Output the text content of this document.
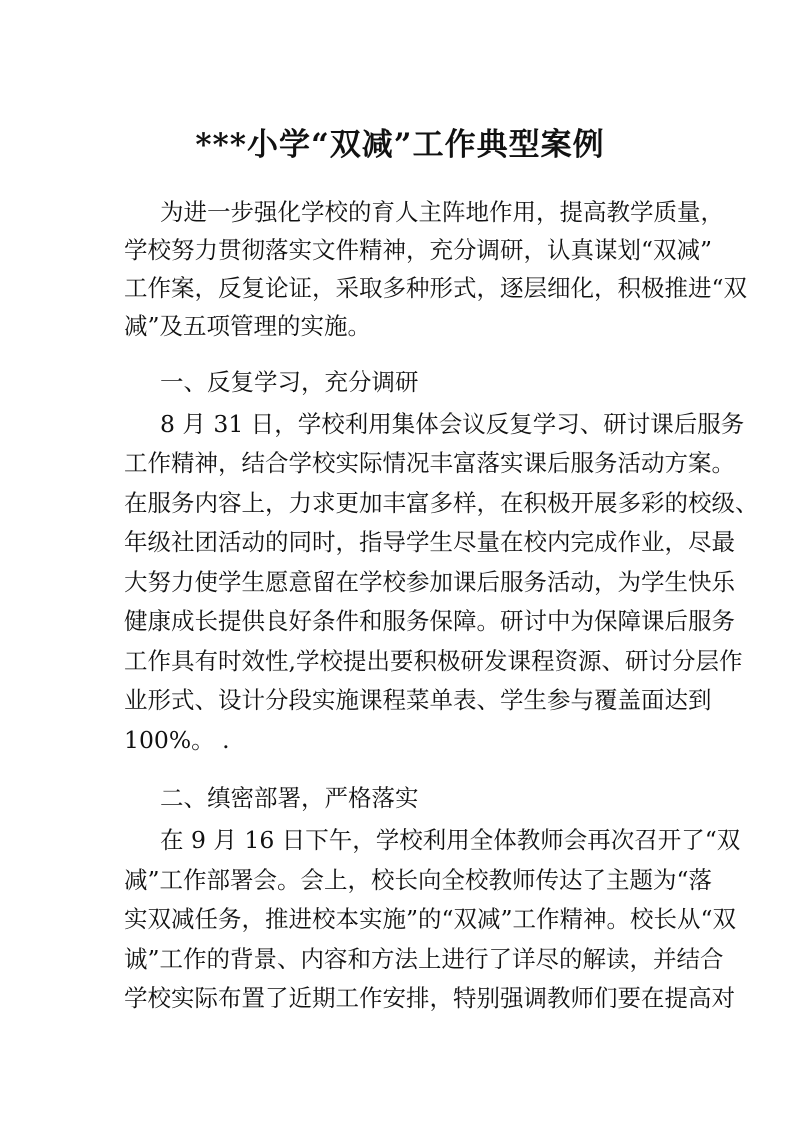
***小学“双减”工作典型案例
为进一步强化学校的育人主阵地作用，提高教学质量，
学校努力贯彻落实文件精神，充分调研，认真谋划“双减”
工作案，反复论证，采取多种形式，逐层细化，积极推进“双
减”及五项管理的实施。
一、反复学习，充分调研
8 月 31 日，学校利用集体会议反复学习、研讨课后服务
工作精神，结合学校实际情况丰富落实课后服务活动方案。
在服务内容上，力求更加丰富多样，在积极开展多彩的校级、
年级社团活动的同时，指导学生尽量在校内完成作业，尽最
大努力使学生愿意留在学校参加课后服务活动，为学生快乐
健康成长提供良好条件和服务保障。研讨中为保障课后服务
工作具有时效性,学校提出要积极研发课程资源、研讨分层作
业形式、设计分段实施课程菜单表、学生参与覆盖面达到
100%。 .
二、缜密部署，严格落实
在 9 月 16 日下午，学校利用全体教师会再次召开了“双
减”工作部署会。会上，校长向全校教师传达了主题为“落
实双减任务，推进校本实施”的“双减”工作精神。校长从“双
诚”工作的背景、内容和方法上进行了详尽的解读，并结合
学校实际布置了近期工作安排，特别强调教师们要在提高对
